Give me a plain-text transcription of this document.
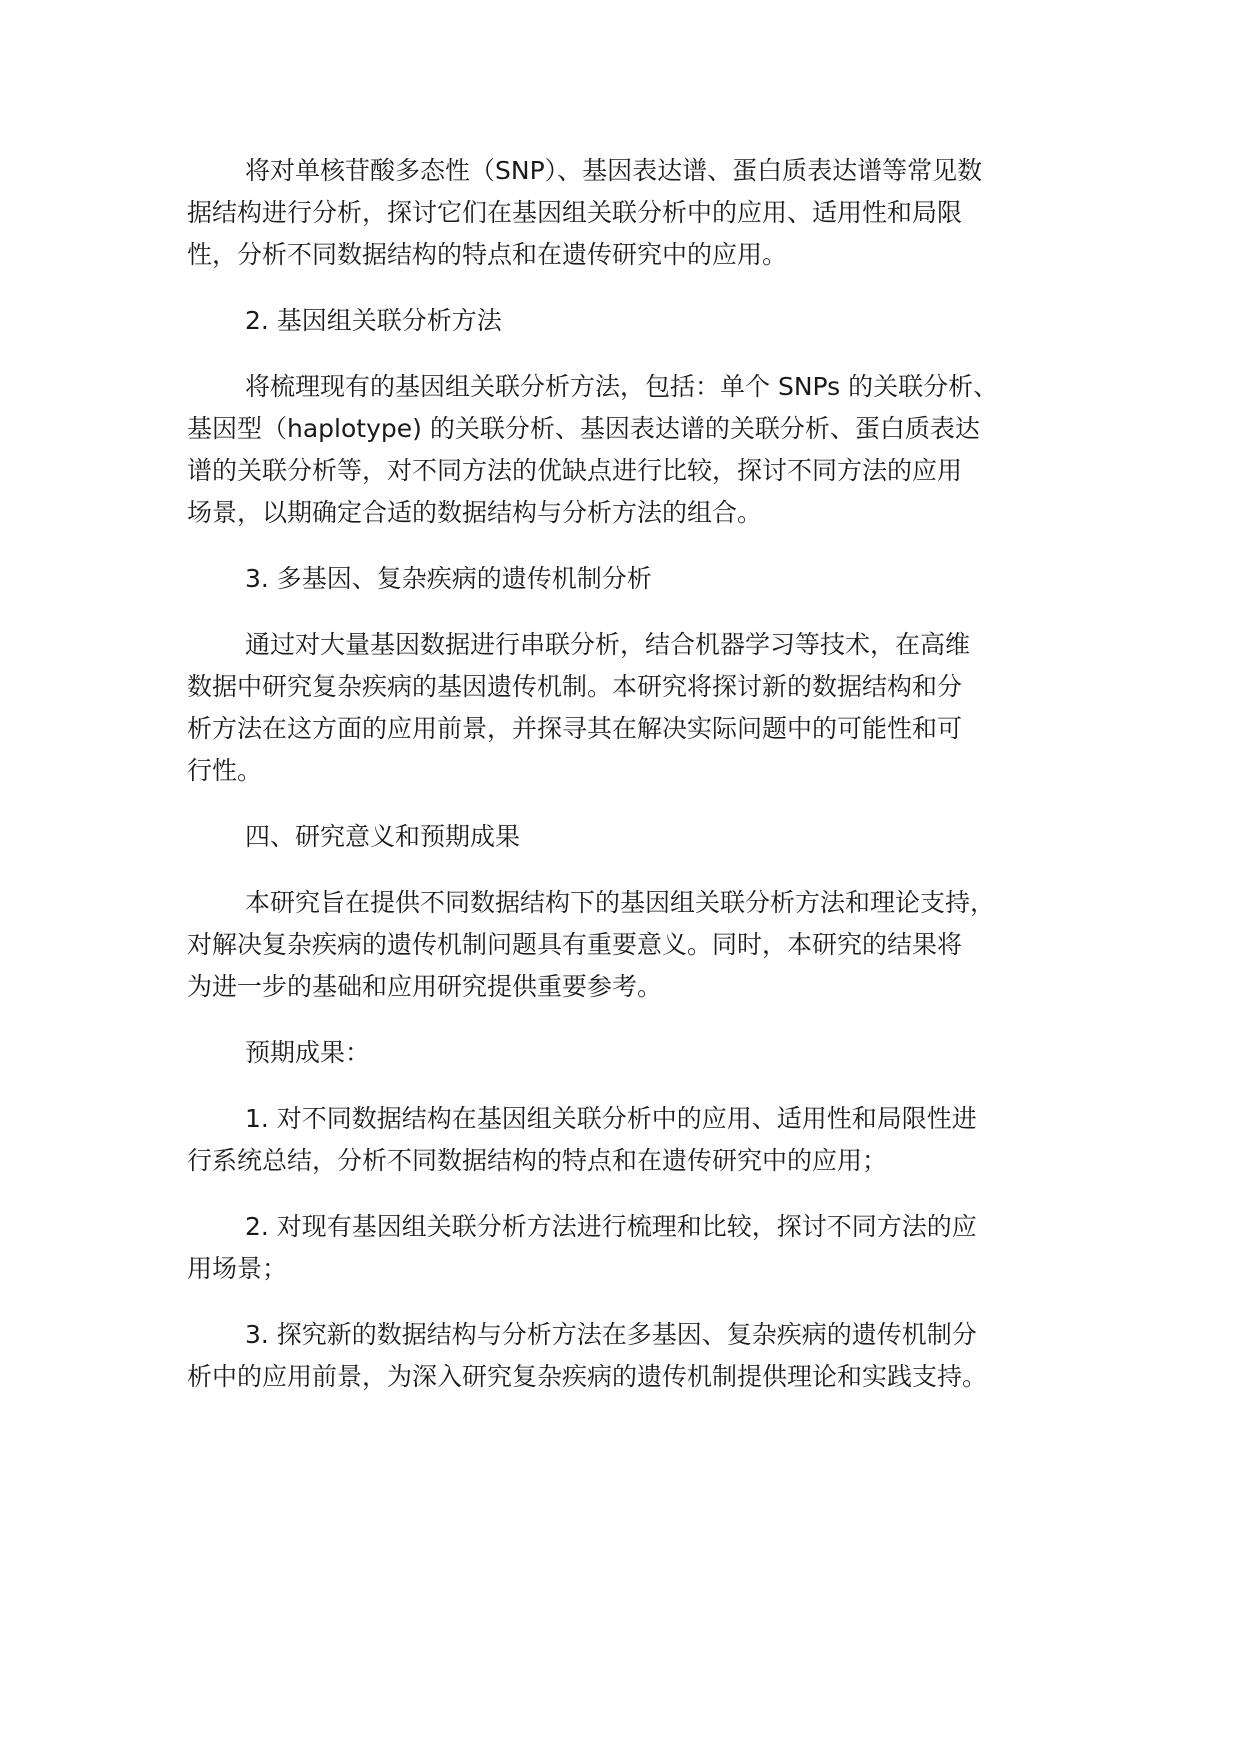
将对单核苷酸多态性（SNP）、基因表达谱、蛋白质表达谱等常见数
据结构进行分析，探讨它们在基因组关联分析中的应用、适用性和局限
性，分析不同数据结构的特点和在遗传研究中的应用。
2. 基因组关联分析方法
将梳理现有的基因组关联分析方法，包括：单个 SNPs 的关联分析、
基因型（haplotype) 的关联分析、基因表达谱的关联分析、蛋白质表达
谱的关联分析等，对不同方法的优缺点进行比较，探讨不同方法的应用
场景，以期确定合适的数据结构与分析方法的组合。
3. 多基因、复杂疾病的遗传机制分析
通过对大量基因数据进行串联分析，结合机器学习等技术，在高维
数据中研究复杂疾病的基因遗传机制。本研究将探讨新的数据结构和分
析方法在这方面的应用前景，并探寻其在解决实际问题中的可能性和可
行性。
四、研究意义和预期成果
本研究旨在提供不同数据结构下的基因组关联分析方法和理论支持，
对解决复杂疾病的遗传机制问题具有重要意义。同时，本研究的结果将
为进一步的基础和应用研究提供重要参考。
预期成果：
1. 对不同数据结构在基因组关联分析中的应用、适用性和局限性进
行系统总结，分析不同数据结构的特点和在遗传研究中的应用；
2. 对现有基因组关联分析方法进行梳理和比较，探讨不同方法的应
用场景；
3. 探究新的数据结构与分析方法在多基因、复杂疾病的遗传机制分
析中的应用前景，为深入研究复杂疾病的遗传机制提供理论和实践支持。
